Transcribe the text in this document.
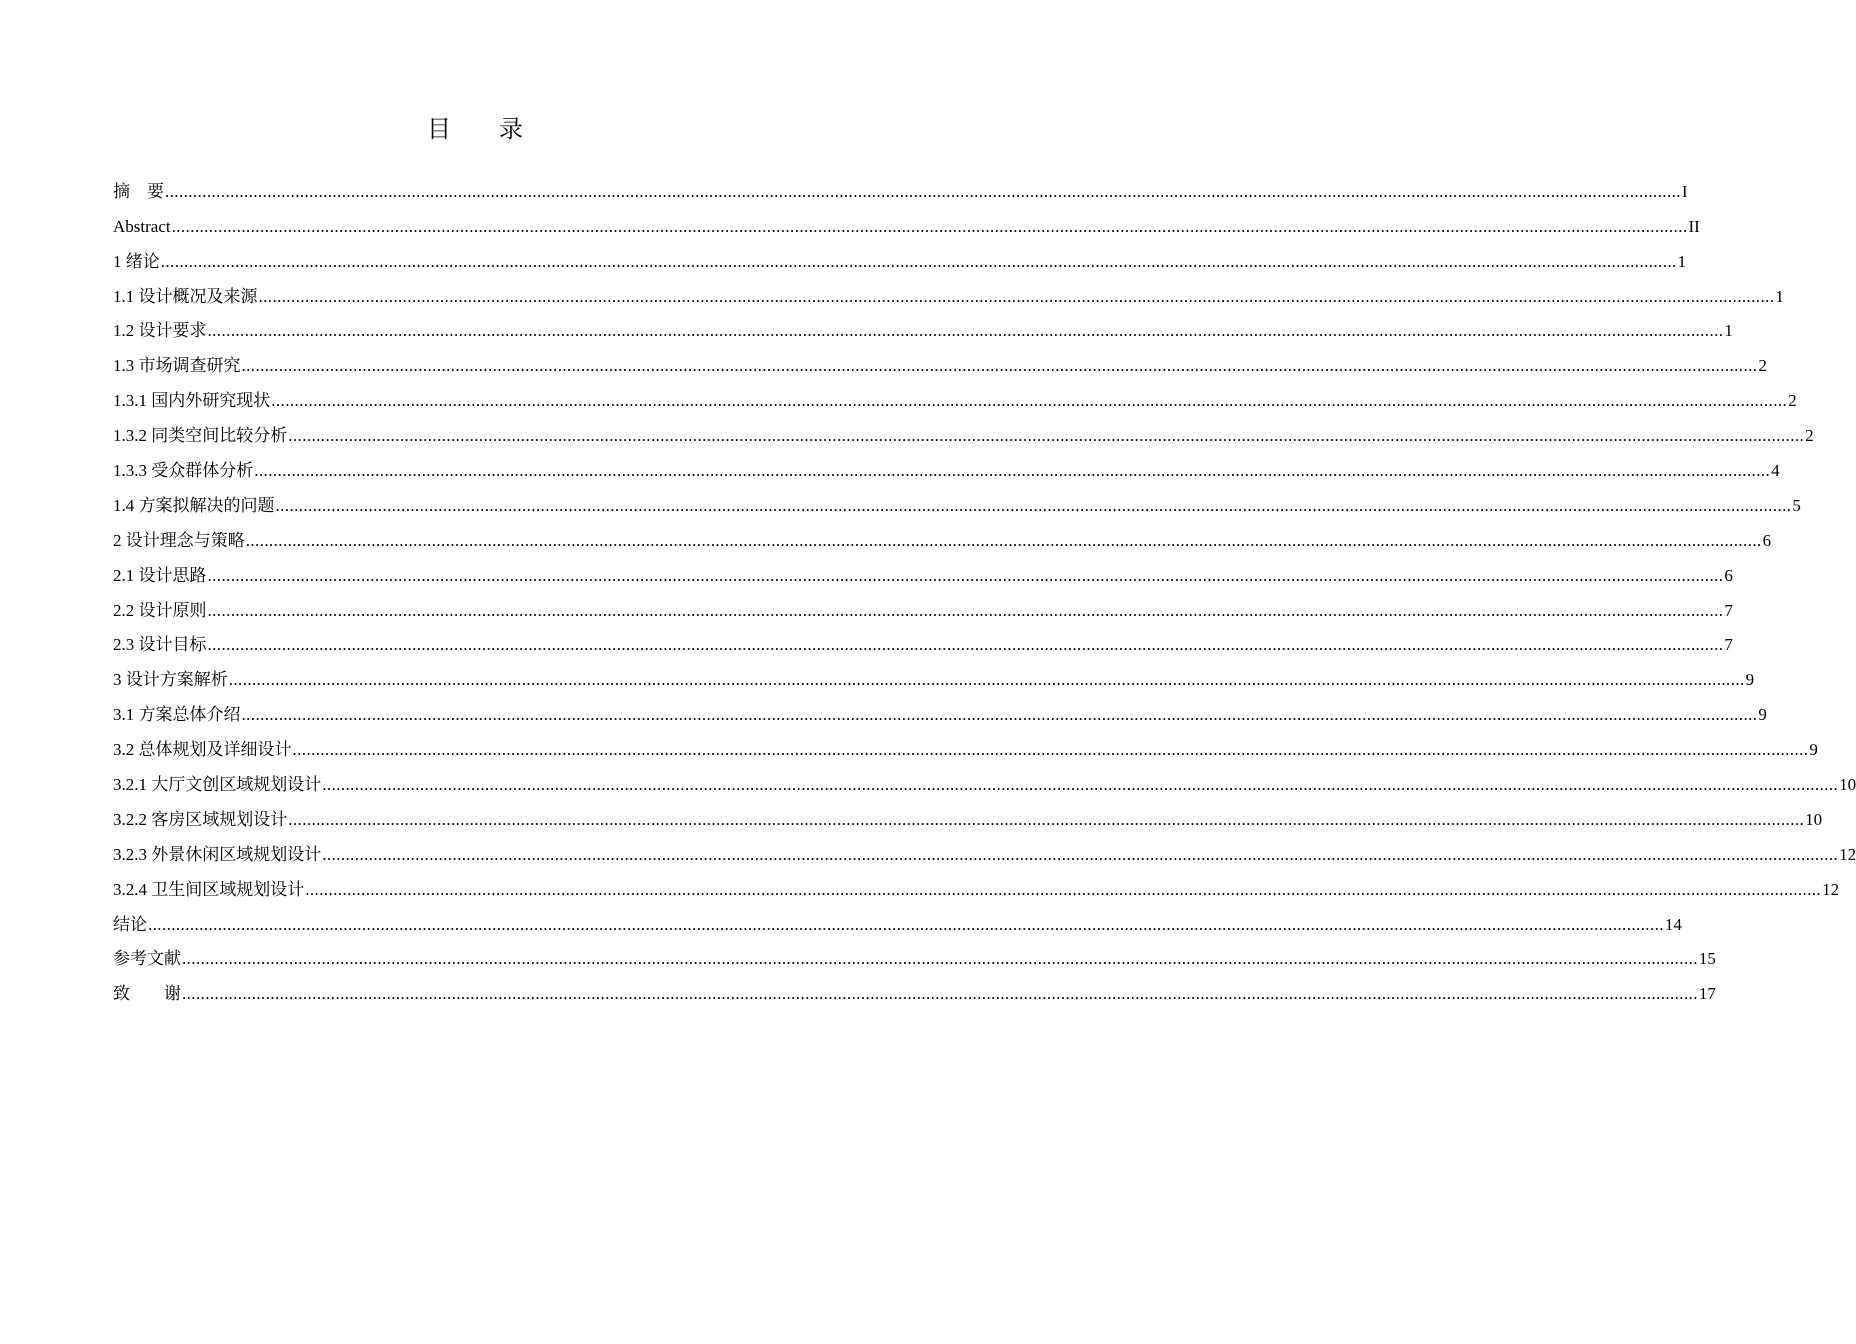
目 录
摘    要 ...................................................................................................................................................................................................................................................................................................................................... I
Abstract ...................................................................................................................................................................................................................................................................................................................................... II
1 绪论 ...................................................................................................................................................................................................................................................................................................................................... 1
1.1 设计概况及来源 ...................................................................................................................................................................................................................................................................................................................................... 1
1.2 设计要求 ...................................................................................................................................................................................................................................................................................................................................... 1
1.3 市场调查研究 ...................................................................................................................................................................................................................................................................................................................................... 2
1.3.1 国内外研究现状 ...................................................................................................................................................................................................................................................................................................................................... 2
1.3.2 同类空间比较分析 ...................................................................................................................................................................................................................................................................................................................................... 2
1.3.3 受众群体分析 ...................................................................................................................................................................................................................................................................................................................................... 4
1.4 方案拟解决的问题 ...................................................................................................................................................................................................................................................................................................................................... 5
2 设计理念与策略 ...................................................................................................................................................................................................................................................................................................................................... 6
2.1 设计思路 ...................................................................................................................................................................................................................................................................................................................................... 6
2.2 设计原则 ...................................................................................................................................................................................................................................................................................................................................... 7
2.3 设计目标 ...................................................................................................................................................................................................................................................................................................................................... 7
3 设计方案解析 ...................................................................................................................................................................................................................................................................................................................................... 9
3.1 方案总体介绍 ...................................................................................................................................................................................................................................................................................................................................... 9
3.2 总体规划及详细设计 ...................................................................................................................................................................................................................................................................................................................................... 9
3.2.1 大厅文创区域规划设计 ...................................................................................................................................................................................................................................................................................................................................... 10
3.2.2 客房区域规划设计 ...................................................................................................................................................................................................................................................................................................................................... 10
3.2.3 外景休闲区域规划设计 ...................................................................................................................................................................................................................................................................................................................................... 12
3.2.4 卫生间区域规划设计 ...................................................................................................................................................................................................................................................................................................................................... 12
结论 ...................................................................................................................................................................................................................................................................................................................................... 14
参考文献 ...................................................................................................................................................................................................................................................................................................................................... 15
致        谢 ...................................................................................................................................................................................................................................................................................................................................... 17
